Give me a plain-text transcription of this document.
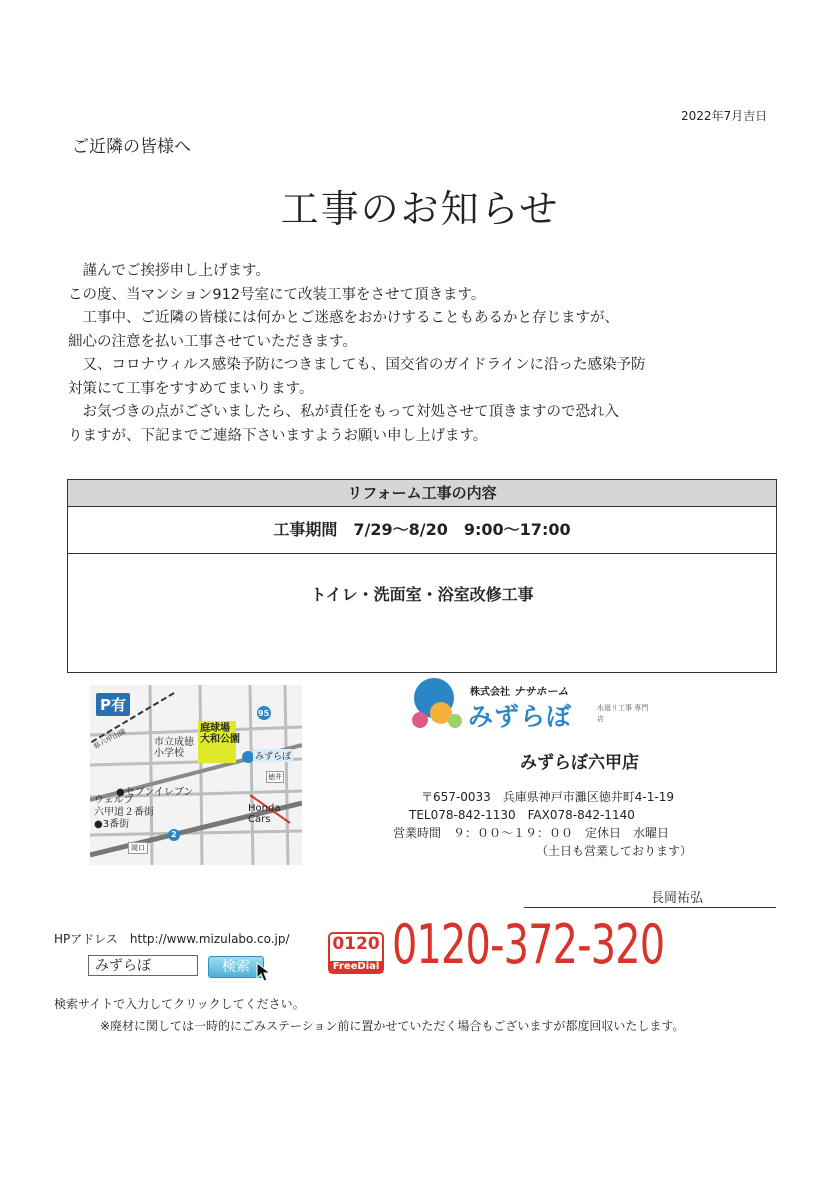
2022年7月吉日
ご近隣の皆様へ
工事のお知らせ

　謹んでご挨拶申し上げます。

この度、当マンション912号室にて改装工事をさせて頂きます。

　工事中、ご近隣の皆様には何かとご迷惑をおかけすることもあるかと存じますが、

細心の注意を払い工事させていただきます。

　又、コロナウィルス感染予防につきましても、国交省のガイドラインに沿った感染予防

対策にて工事をすすめてまいります。

　お気づきの点がございましたら、私が責任をもって対処させて頂きますので恐れ入

りますが、下記までご連絡下さいますようお願い申し上げます。

リフォーム工事の内容
工事期間　7/29～8/20　9:00～17:00
トイレ・洗面室・浴室改修工事
P有
県六甲山線
95
市立成徳
小学校
庭球場
大和公園
みずらぼ
徳井
●セブンイレブン
ウェルブ
六甲道２番街
●3番街
Honda Cars
2
岡口
株式会社 ナサホーム
みずらぼ	水廻リ工事 専門店
みずらぼ六甲店
〒657-0033　兵庫県神戸市灘区徳井町4-1-19
TEL078-842-1130　FAX078-842-1140
営業時間　９：００～１９：００　定休日　水曜日
（土日も営業しております）
長岡祐弘
HPアドレス　http://www.mizulabo.co.jp/
みずらぼ	検索
0120
FreeDial 0120-372-320
検索サイトで入力してクリックしてください。
※廃材に関しては一時的にごみステーション前に置かせていただく場合もございますが都度回収いたします。
